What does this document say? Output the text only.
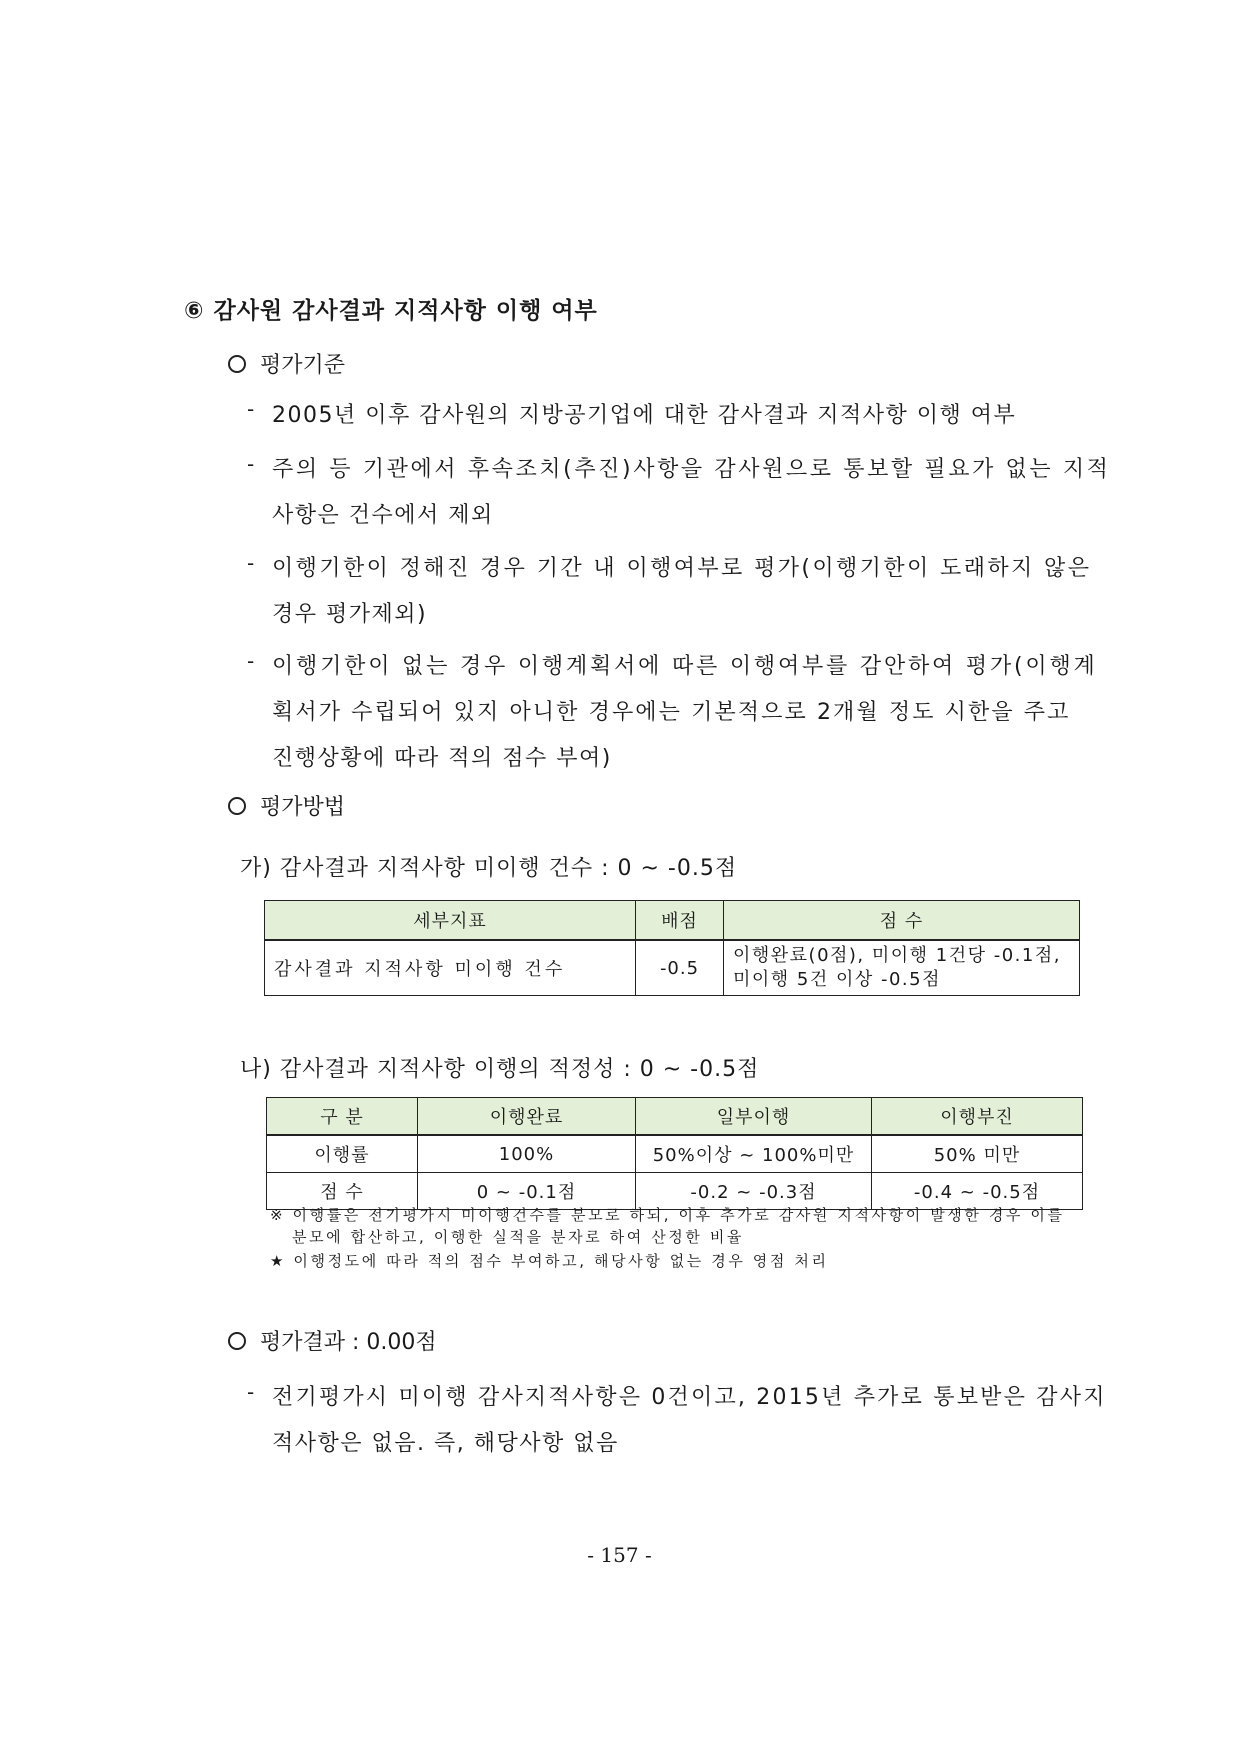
⑥ 감사원 감사결과 지적사항 이행 여부
평가기준
- 2005년 이후 감사원의 지방공기업에 대한 감사결과 지적사항 이행 여부
- 주의 등 기관에서 후속조치(추진)사항을 감사원으로 통보할 필요가 없는 지적
사항은 건수에서 제외
- 이행기한이 정해진 경우 기간 내 이행여부로 평가(이행기한이 도래하지 않은
경우 평가제외)
- 이행기한이 없는 경우 이행계획서에 따른 이행여부를 감안하여 평가(이행계
획서가 수립되어 있지 아니한 경우에는 기본적으로 2개월 정도 시한을 주고
진행상황에 따라 적의 점수 부여)
평가방법
가) 감사결과 지적사항 미이행 건수 : 0 ~ -0.5점
세부지표	배점	점 수
감사결과 지적사항 미이행 건수	-0.5	이행완료(0점), 미이행 1건당 -0.1점,
미이행 5건 이상 -0.5점
나) 감사결과 지적사항 이행의 적정성 : 0 ~ -0.5점
구 분	이행완료	일부이행	이행부진
이행률	100%	50%이상 ~ 100%미만	50% 미만
점 수	0 ~ -0.1점	-0.2 ~ -0.3점	-0.4 ~ -0.5점
※ 이행률은 전기평가시 미이행건수를 분모로 하되, 이후 추가로 감사원 지적사항이 발생한 경우 이를
분모에 합산하고, 이행한 실적을 분자로 하여 산정한 비율
★ 이행정도에 따라 적의 점수 부여하고, 해당사항 없는 경우 영점 처리
평가결과 : 0.00점
- 전기평가시 미이행 감사지적사항은 0건이고, 2015년 추가로 통보받은 감사지
적사항은 없음. 즉, 해당사항 없음
- 157 -
